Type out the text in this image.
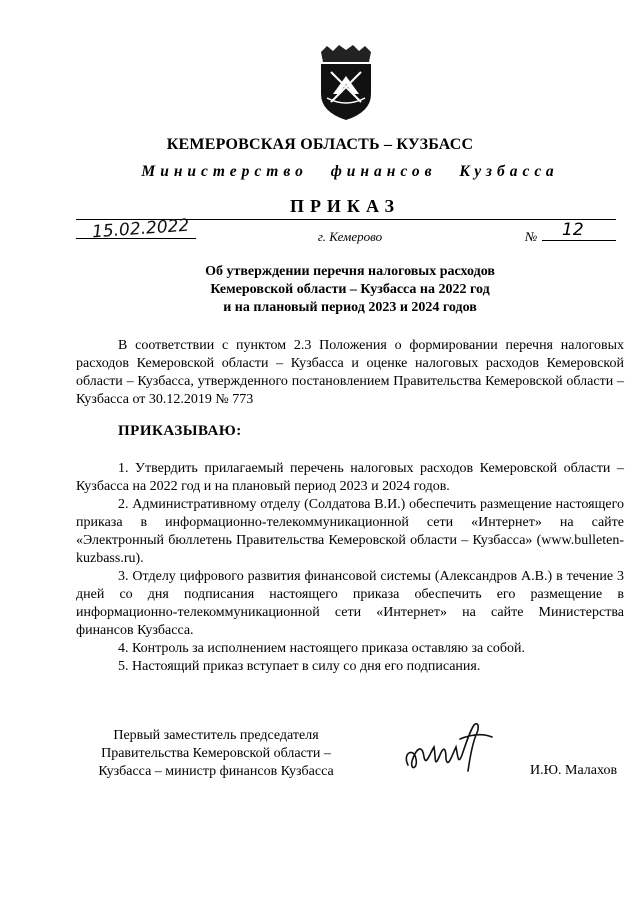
КЕМЕРОВСКАЯ ОБЛАСТЬ – КУЗБАСС
Министерство финансов Кузбасса
ПРИКАЗ
15.02.2022	г. Кемерово	№ 12
Об утверждении перечня налоговых расходов
Кемеровской области – Кузбасса на 2022 год
и на плановый период 2023 и 2024 годов
В соответствии с пунктом 2.3 Положения о формировании перечня налоговых расходов Кемеровской области – Кузбасса и оценке налоговых расходов Кемеровской области – Кузбасса, утвержденного постановлением Правительства Кемеровской области – Кузбасса от 30.12.2019 № 773
ПРИКАЗЫВАЮ:
1. Утвердить прилагаемый перечень налоговых расходов Кемеровской области – Кузбасса на 2022 год и на плановый период 2023 и 2024 годов.
2. Административному отделу (Солдатова В.И.) обеспечить размещение настоящего приказа в информационно-телекоммуникационной сети «Интернет» на сайте «Электронный бюллетень Правительства Кемеровской области – Кузбасса» (www.bulleten-kuzbass.ru).
3. Отделу цифрового развития финансовой системы (Александров А.В.) в течение 3 дней со дня подписания настоящего приказа обеспечить его размещение в информационно-телекоммуникационной сети «Интернет» на сайте Министерства финансов Кузбасса.
4. Контроль за исполнением настоящего приказа оставляю за собой.
5. Настоящий приказ вступает в силу со дня его подписания.
Первый заместитель председателя
Правительства Кемеровской области –
Кузбасса – министр финансов Кузбасса	И.Ю. Малахов
